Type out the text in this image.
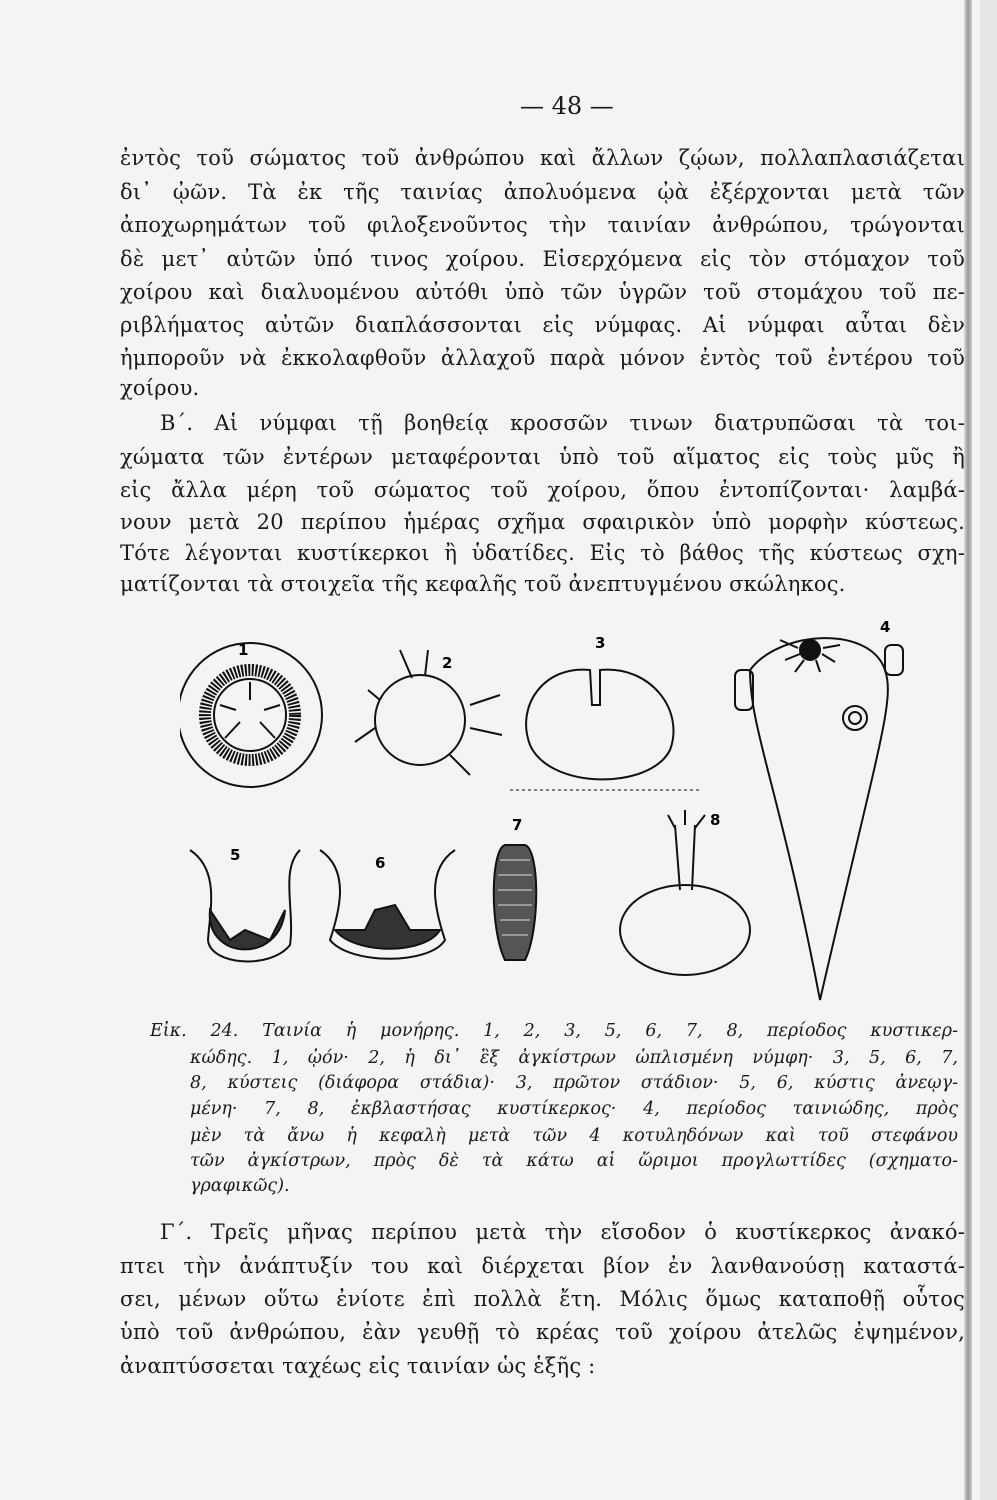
— 48 —
ἐντὸς τοῦ σώματος τοῦ ἀνθρώπου καὶ ἄλλων ζῴων, πολλαπλασιάζεται
δι᾽ ᾠῶν. Τὰ ἐκ τῆς ταινίας ἀπολυόμενα ᾠὰ ἐξέρχονται μετὰ τῶν
ἀποχωρημάτων τοῦ φιλοξενοῦντος τὴν ταινίαν ἀνθρώπου, τρώγονται
δὲ μετ᾽ αὐτῶν ὑπό τινος χοίρου. Εἰσερχόμενα εἰς τὸν στόμαχον τοῦ
χοίρου καὶ διαλυομένου αὐτόθι ὑπὸ τῶν ὑγρῶν τοῦ στομάχου τοῦ πε-
ριβλήματος αὐτῶν διαπλάσσονται εἰς νύμφας. Αἱ νύμφαι αὗται δὲν
ἠμποροῦν νὰ ἐκκολαφθοῦν ἀλλαχοῦ παρὰ μόνον ἐντὸς τοῦ ἐντέρου τοῦ
χοίρου.
Β΄. Αἱ νύμφαι τῇ βοηθείᾳ κροσσῶν τινων διατρυπῶσαι τὰ τοι-
χώματα τῶν ἐντέρων μεταφέρονται ὑπὸ τοῦ αἵματος εἰς τοὺς μῦς ἢ
εἰς ἄλλα μέρη τοῦ σώματος τοῦ χοίρου, ὅπου ἐντοπίζονται· λαμβά-
νουν μετὰ 20 περίπου ἡμέρας σχῆμα σφαιρικὸν ὑπὸ μορφὴν κύστεως.
Τότε λέγονται κυστίκερκοι ἢ ὑδατίδες. Εἰς τὸ βάθος τῆς κύστεως σχη-
ματίζονται τὰ στοιχεῖα τῆς κεφαλῆς τοῦ ἀνεπτυγμένου σκώληκος.
1
2
3
4
5	6
7	8
Εἰκ. 24. Ταινία ἡ μονήρης. 1, 2, 3, 5, 6, 7, 8, περίοδος κυστικερ-
κώδης. 1, ᾠόν· 2, ἡ δι᾽ ἓξ ἀγκίστρων ὡπλισμένη νύμφη· 3, 5, 6, 7,
8, κύστεις (διάφορα στάδια)· 3, πρῶτον στάδιον· 5, 6, κύστις ἀνεῳγ-
μένη· 7, 8, ἐκβλαστήσας κυστίκερκος· 4, περίοδος ταινιώδης, πρὸς
μὲν τὰ ἄνω ἡ κεφαλὴ μετὰ τῶν 4 κοτυληδόνων καὶ τοῦ στεφάνου
τῶν ἀγκίστρων, πρὸς δὲ τὰ κάτω αἱ ὥριμοι προγλωττίδες (σχηματο-
γραφικῶς).
Γ΄. Τρεῖς μῆνας περίπου μετὰ τὴν εἴσοδον ὁ κυστίκερκος ἀνακό-
πτει τὴν ἀνάπτυξίν του καὶ διέρχεται βίον ἐν λανθανούσῃ καταστά-
σει, μένων οὕτω ἐνίοτε ἐπὶ πολλὰ ἔτη. Μόλις ὅμως καταποθῇ οὗτος
ὑπὸ τοῦ ἀνθρώπου, ἐὰν γευθῇ τὸ κρέας τοῦ χοίρου ἀτελῶς ἐψημένον,
ἀναπτύσσεται ταχέως εἰς ταινίαν ὡς ἑξῆς :
